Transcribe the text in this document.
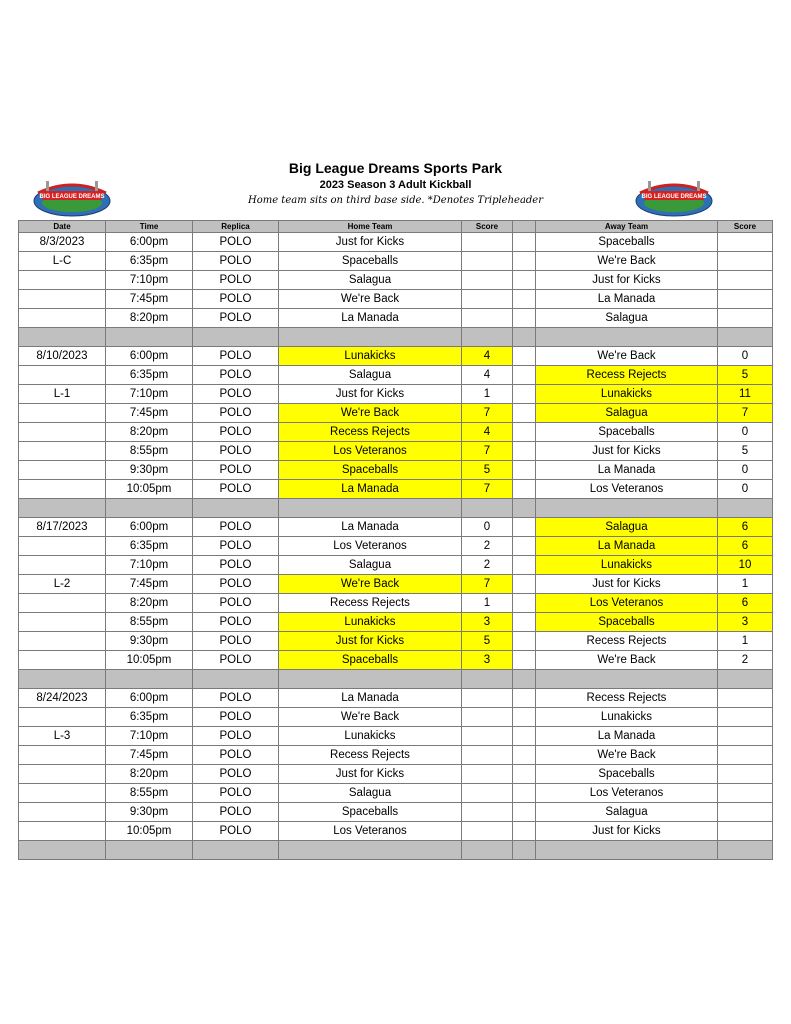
Big League Dreams Sports Park
2023 Season 3 Adult Kickball
Home team sits on third base side. *Denotes Tripleheader
BIG LEAGUE DREAMS	BIG LEAGUE DREAMS
Date	Time	Replica	Home Team	Score		Away Team	Score
8/3/2023	6:00pm	POLO	Just for Kicks			Spaceballs	
L-C	6:35pm	POLO	Spaceballs			We're Back	
	7:10pm	POLO	Salagua			Just for Kicks	
	7:45pm	POLO	We're Back			La Manada	
	8:20pm	POLO	La Manada			Salagua	

8/10/2023	6:00pm	POLO	Lunakicks	4		We're Back	0
	6:35pm	POLO	Salagua	4		Recess Rejects	5
L-1	7:10pm	POLO	Just for Kicks	1		Lunakicks	11
	7:45pm	POLO	We're Back	7		Salagua	7
	8:20pm	POLO	Recess Rejects	4		Spaceballs	0
	8:55pm	POLO	Los Veteranos	7		Just for Kicks	5
	9:30pm	POLO	Spaceballs	5		La Manada	0
	10:05pm	POLO	La Manada	7		Los Veteranos	0

8/17/2023	6:00pm	POLO	La Manada	0		Salagua	6
	6:35pm	POLO	Los Veteranos	2		La Manada	6
	7:10pm	POLO	Salagua	2		Lunakicks	10
L-2	7:45pm	POLO	We're Back	7		Just for Kicks	1
	8:20pm	POLO	Recess Rejects	1		Los Veteranos	6
	8:55pm	POLO	Lunakicks	3		Spaceballs	3
	9:30pm	POLO	Just for Kicks	5		Recess Rejects	1
	10:05pm	POLO	Spaceballs	3		We're Back	2

8/24/2023	6:00pm	POLO	La Manada			Recess Rejects	
	6:35pm	POLO	We're Back			Lunakicks	
L-3	7:10pm	POLO	Lunakicks			La Manada	
	7:45pm	POLO	Recess Rejects			We're Back	
	8:20pm	POLO	Just for Kicks			Spaceballs	
	8:55pm	POLO	Salagua			Los Veteranos	
	9:30pm	POLO	Spaceballs			Salagua	
	10:05pm	POLO	Los Veteranos			Just for Kicks	
